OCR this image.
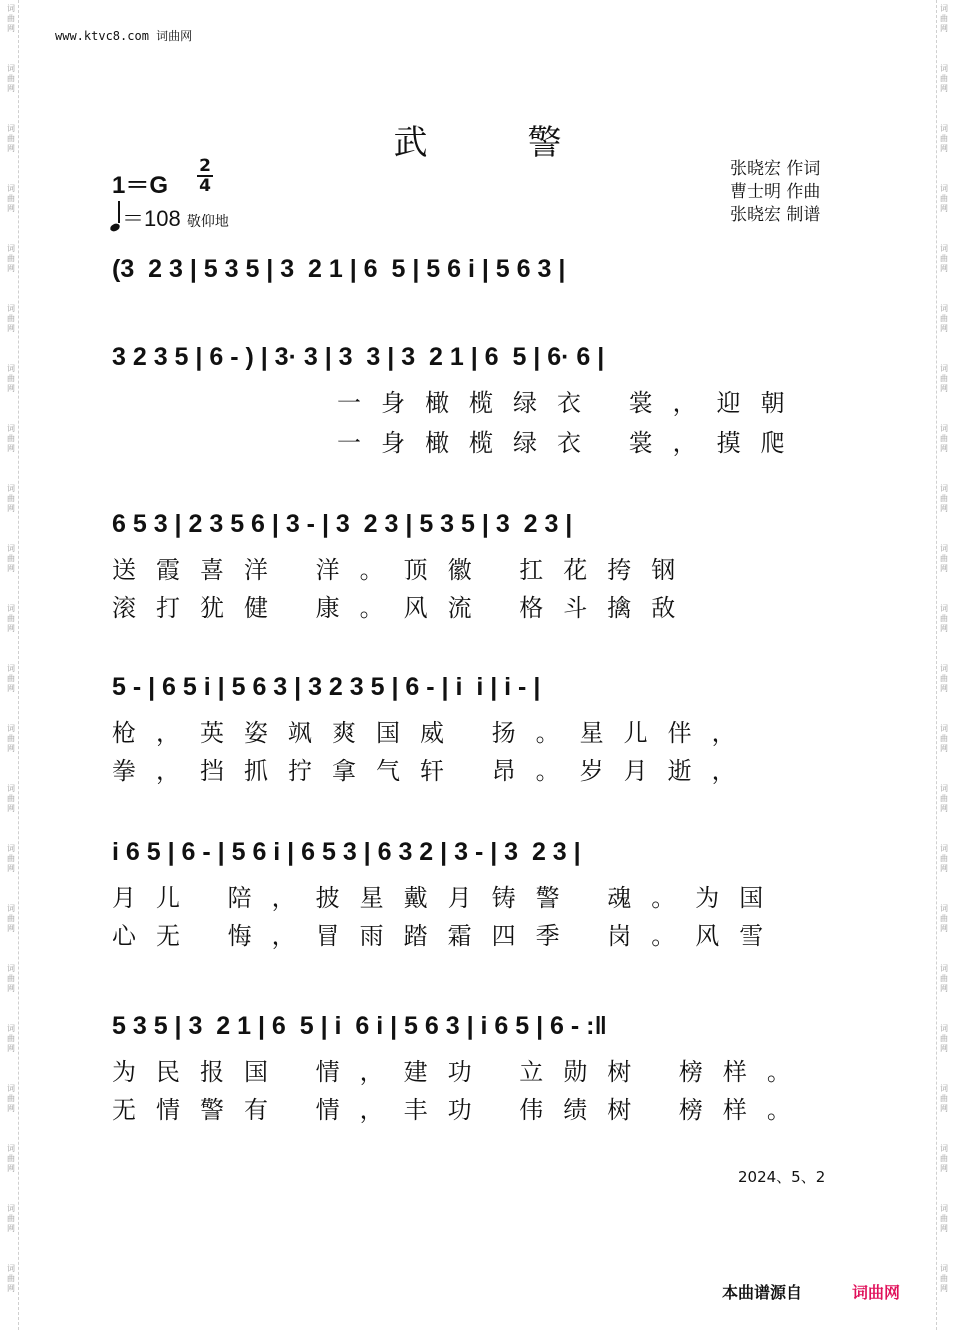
词
曲
网
词
曲
网
词
曲
网
词
曲
网
词
曲
网
词
曲
网
词
曲
网
词
曲
网
词
曲
网
词
曲
网
词
曲
网
词
曲
网
词
曲
网
词
曲
网
词
曲
网
词
曲
网
词
曲
网
词
曲
网
词
曲
网
词
曲
网
词
曲
网
词
曲
网
词
曲
网
词
曲
网
词
曲
网
词
曲
网
词
曲
网
词
曲
网
词
曲
网
词
曲
网
词
曲
网
词
曲
网
词
曲
网
词
曲
网
词
曲
网
词
曲
网
词
曲
网
词
曲
网
词
曲
网
词
曲
网
词
曲
网
词
曲
网
词
曲
网
词
曲
网
www.ktvc8.com 词曲网
武警
1＝G
2
4
＝108 敬仰地
张晓宏 作词
曹士明 作曲
张晓宏 制谱
(3  2 3 | 5 3 5 | 3  2 1 | 6  5 | 5 6 i | 5 6 3 |
3 2 3 5 | 6 - ) | 3· 3 | 3  3 | 3  2 1 | 6  5 | 6· 6 |
一身橄榄绿衣 裳，迎朝
一身橄榄绿衣 裳，摸爬
6 5 3 | 2 3 5 6 | 3 - | 3  2 3 | 5 3 5 | 3  2 3 |
送霞喜洋 洋。顶徽 扛花挎钢
滚打犹健 康。风流 格斗擒敌
5 - | 6 5 i | 5 6 3 | 3 2 3 5 | 6 - | i  i | i - |
枪，英姿飒爽国威 扬。星儿伴，
拳，挡抓拧拿气轩 昂。岁月逝，
i 6 5 | 6 - | 5 6 i | 6 5 3 | 6 3 2 | 3 - | 3  2 3 |
月儿 陪，披星戴月铸警 魂。为国
心无 悔，冒雨踏霜四季 岗。风雪
5 3 5 | 3  2 1 | 6  5 | i  6 i | 5 6 3 | i 6 5 | 6 - :‖
为民报国 情，建功 立勋树 榜样。
无情警有 情，丰功 伟绩树 榜样。
2024、5、2
本曲谱源自	词曲网
